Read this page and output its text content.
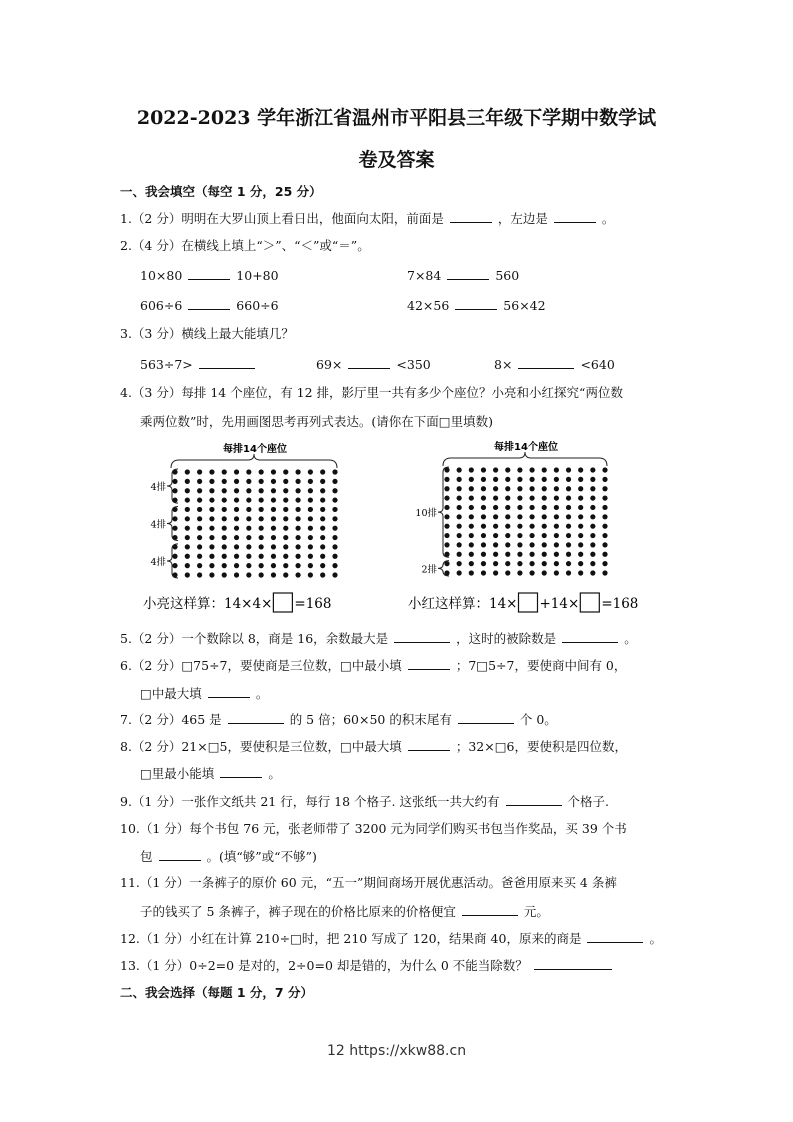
2022-2023 学年浙江省温州市平阳县三年级下学期中数学试
卷及答案
一、我会填空（每空 1 分，25 分）
二、我会选择（每题 1 分，7 分）
1.（2 分）明明在大罗山顶上看日出，他面向太阳，前面是	，左边是	。
2.（4 分）在横线上填上“＞”、“＜”或“＝”。
10×80	10+80	7×84	560
606÷6	660÷6	42×56	56×42
3.（3 分）横线上最大能填几？
563÷7>	69×	<350	8×	<640
4.（3 分）每排 14 个座位，有 12 排，影厅里一共有多少个座位？小亮和小红探究“两位数
乘两位数”时，先用画图思考再列式表达。(请你在下面□里填数)
5.（2 分）一个数除以 8，商是 16，余数最大是	，这时的被除数是	。
6.（2 分）□75÷7，要使商是三位数，□中最小填	；7□5÷7，要使商中间有 0，
□中最大填	。
7.（2 分）465 是	的 5 倍；60×50 的积末尾有	个 0。
8.（2 分）21×□5，要使积是三位数，□中最大填	；32×□6，要使积是四位数，
□里最小能填	。
9.（1 分）一张作文纸共 21 行，每行 18 个格子. 这张纸一共大约有	个格子.
10.（1 分）每个书包 76 元，张老师带了 3200 元为同学们购买书包当作奖品，买 39 个书
包	。(填“够”或“不够”)
11.（1 分）一条裤子的原价 60 元，“五一”期间商场开展优惠活动。爸爸用原来买 4 条裤
子的钱买了 5 条裤子，裤子现在的价格比原来的价格便宜	元。
12.（1 分）小红在计算 210÷□时，把 210 写成了 120，结果商 40，原来的商是	。
13.（1 分）0÷2=0 是对的，2÷0=0 却是错的，为什么 0 不能当除数？
每排14个座位
4排
4排
4排
每排14个座位
10排
2排
小亮这样算：14×4× =168	小红这样算：14× +14× =168
12 https://xkw88.cn
